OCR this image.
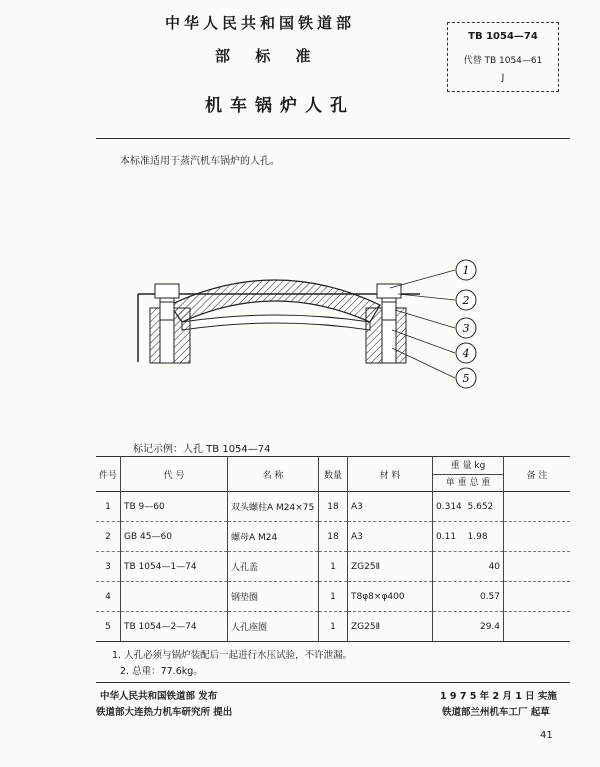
中华人民共和国铁道部
部 标 准
机车锅炉人孔
TB 1054—74
代替 TB 1054—61
J
本标准适用于蒸汽机车锅炉的人孔。
1
2
3
4
5
标记示例：人孔 TB 1054—74
件号	代 号	名 称	数量	材 料	重 量 kg
单 重 总 重	备 注
1	TB 9—60	双头螺柱A M24×75	18	A3	0.314 5.652	
2	GB 45—60	螺母A M24	18	A3	0.11 1.98	
3	TB 1054—1—74	人孔盖	1	ZG25Ⅱ	40	
4		钢垫圈	1	T8φ8×φ400	0.57	
5	TB 1054—2—74	人孔座圈	1	ZG25Ⅱ	29.4	
1. 人孔必须与锅炉装配后一起进行水压试验，不许泄漏。
2. 总重：77.6kg。
中华人民共和国铁道部 发布	1 9 7 5 年 2 月 1 日 实施
铁道部大连热力机车研究所 提出	铁道部兰州机车工厂 起草
41
